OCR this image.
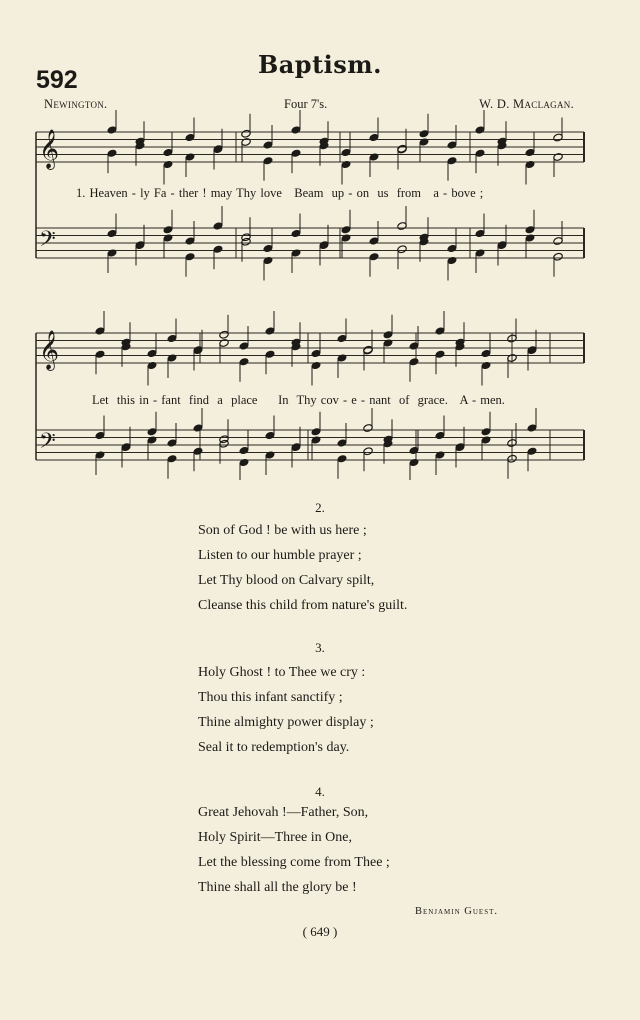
Baptism.
592
Newington.	Four 7's.	W. D. Maclagan.
𝄞
𝄢
𝄞
𝄢
1. Heaven - ly Fa - ther ! may Thy love   Beam  up - on  us  from   a - bove ;
Let  this in - fant  find  a  place     In  Thy cov - e - nant  of  grace.   A - men.
2.
Son of God ! be with us here ;
Listen to our humble prayer ;
Let Thy blood on Calvary spilt,
Cleanse this child from nature's guilt.
3.
Holy Ghost ! to Thee we cry :
Thou this infant sanctify ;
Thine almighty power display ;
Seal it to redemption's day.
4.
Great Jehovah !—Father, Son,
Holy Spirit—Three in One,
Let the blessing come from Thee ;
Thine shall all the glory be !
Benjamin Guest.
( 649 )
